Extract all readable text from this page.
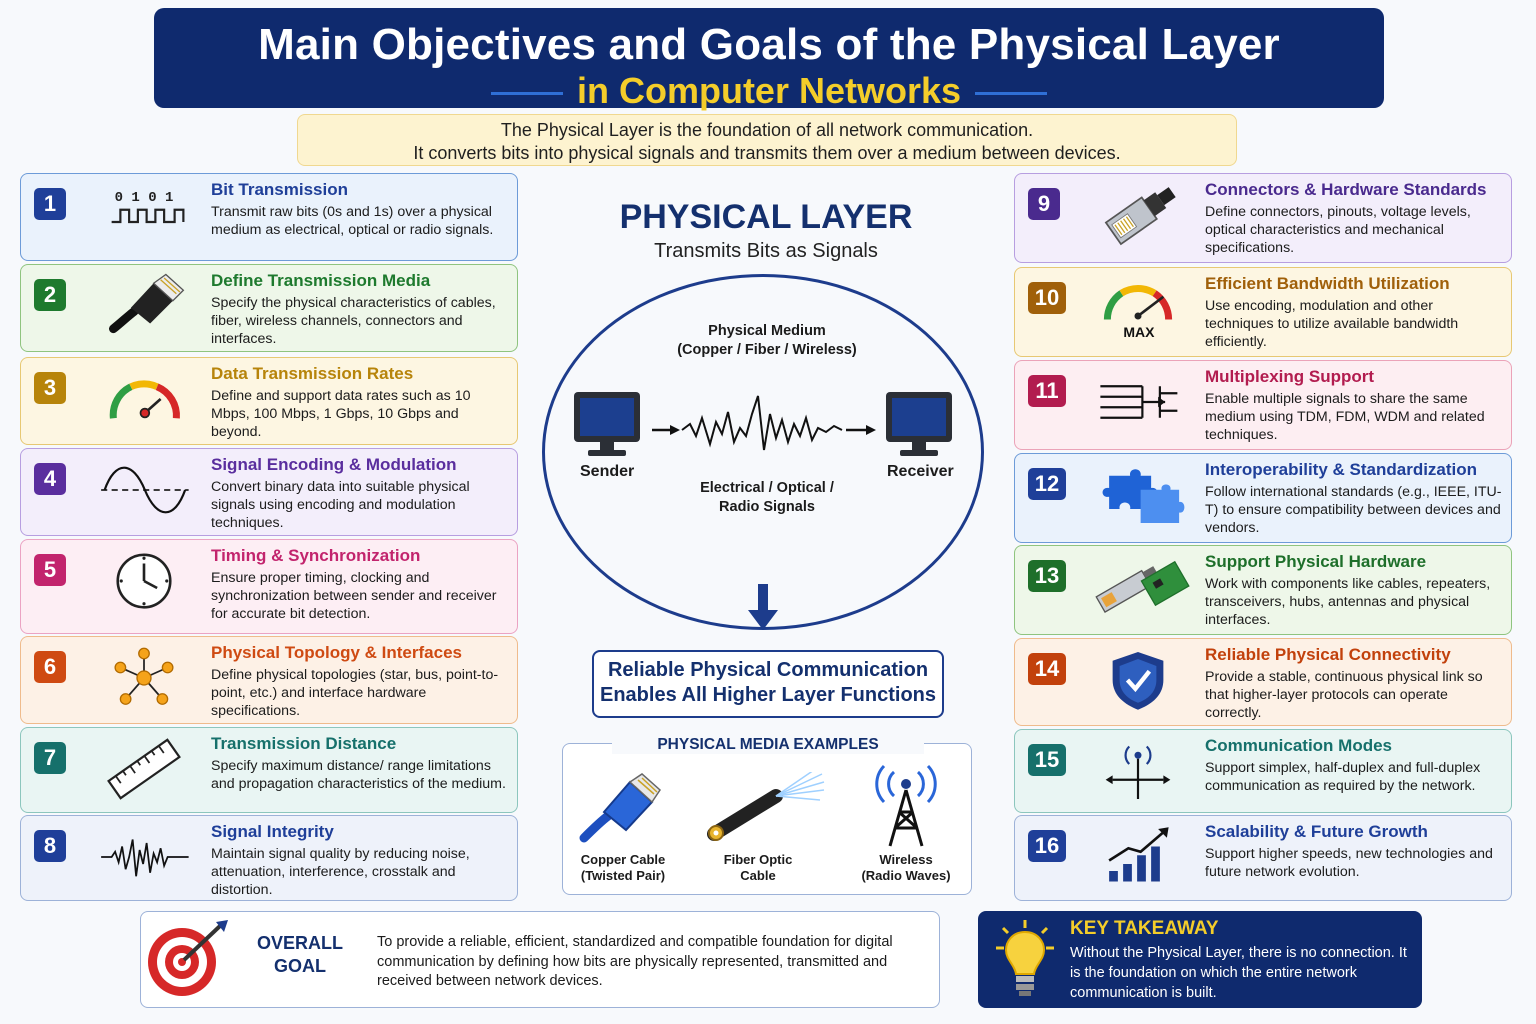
Main Objectives and Goals of the Physical Layer
in Computer Networks
The Physical Layer is the foundation of all network communication.
It converts bits into physical signals and transmits them over a medium between devices.
1	0 1 0 1 Bit Transmission
Transmit raw bits (0s and 1s) over a physical medium as electrical, optical or radio signals.
2
Define Transmission Media
Specify the physical characteristics of cables, fiber, wireless channels, connectors and interfaces.
3
Data Transmission Rates
Define and support data rates such as 10 Mbps, 100 Mbps, 1 Gbps, 10 Gbps and beyond.
4
Signal Encoding & Modulation
Convert binary data into suitable physical signals using encoding and modulation techniques.
5
Timing & Synchronization
Ensure proper timing, clocking and synchronization between sender and receiver for accurate bit detection.
6
Physical Topology & Interfaces
Define physical topologies (star, bus, point-to-point, etc.) and interface hardware specifications.
7
Transmission Distance
Specify maximum distance/ range limitations and propagation characteristics of the medium.
8
Signal Integrity
Maintain signal quality by reducing noise, attenuation, interference, crosstalk and distortion.
9
Connectors & Hardware Standards
Define connectors, pinouts, voltage levels, optical characteristics and mechanical specifications.
10
MAX
Efficient Bandwidth Utilization
Use encoding, modulation and other techniques to utilize available bandwidth efficiently.
11
Multiplexing Support
Enable multiple signals to share the same medium using TDM, FDM, WDM and related techniques.
12
Interoperability & Standardization
Follow international standards (e.g., IEEE, ITU-T) to ensure compatibility between devices and vendors.
13
Support Physical Hardware
Work with components like cables, repeaters, transceivers, hubs, antennas and physical interfaces.
14
Reliable Physical Connectivity
Provide a stable, continuous physical link so that higher-layer protocols can operate correctly.
15
Communication Modes
Support simplex, half-duplex and full-duplex communication as required by the network.
16
Scalability & Future Growth
Support higher speeds, new technologies and future network evolution.
PHYSICAL LAYER
Transmits Bits as Signals
Physical Medium
(Copper / Fiber / Wireless)
Sender	Receiver
Electrical / Optical /
Radio Signals
Reliable Physical Communication
Enables All Higher Layer Functions
PHYSICAL MEDIA EXAMPLES
Copper Cable
(Twisted Pair)
Fiber Optic
Cable
Wireless
(Radio Waves)
OVERALL
GOAL
To provide a reliable, efficient, standardized and compatible foundation for digital communication by defining how bits are physically represented, transmitted and received between network devices.
KEY TAKEAWAY
Without the Physical Layer, there is no connection. It is the foundation on which the entire network communication is built.
